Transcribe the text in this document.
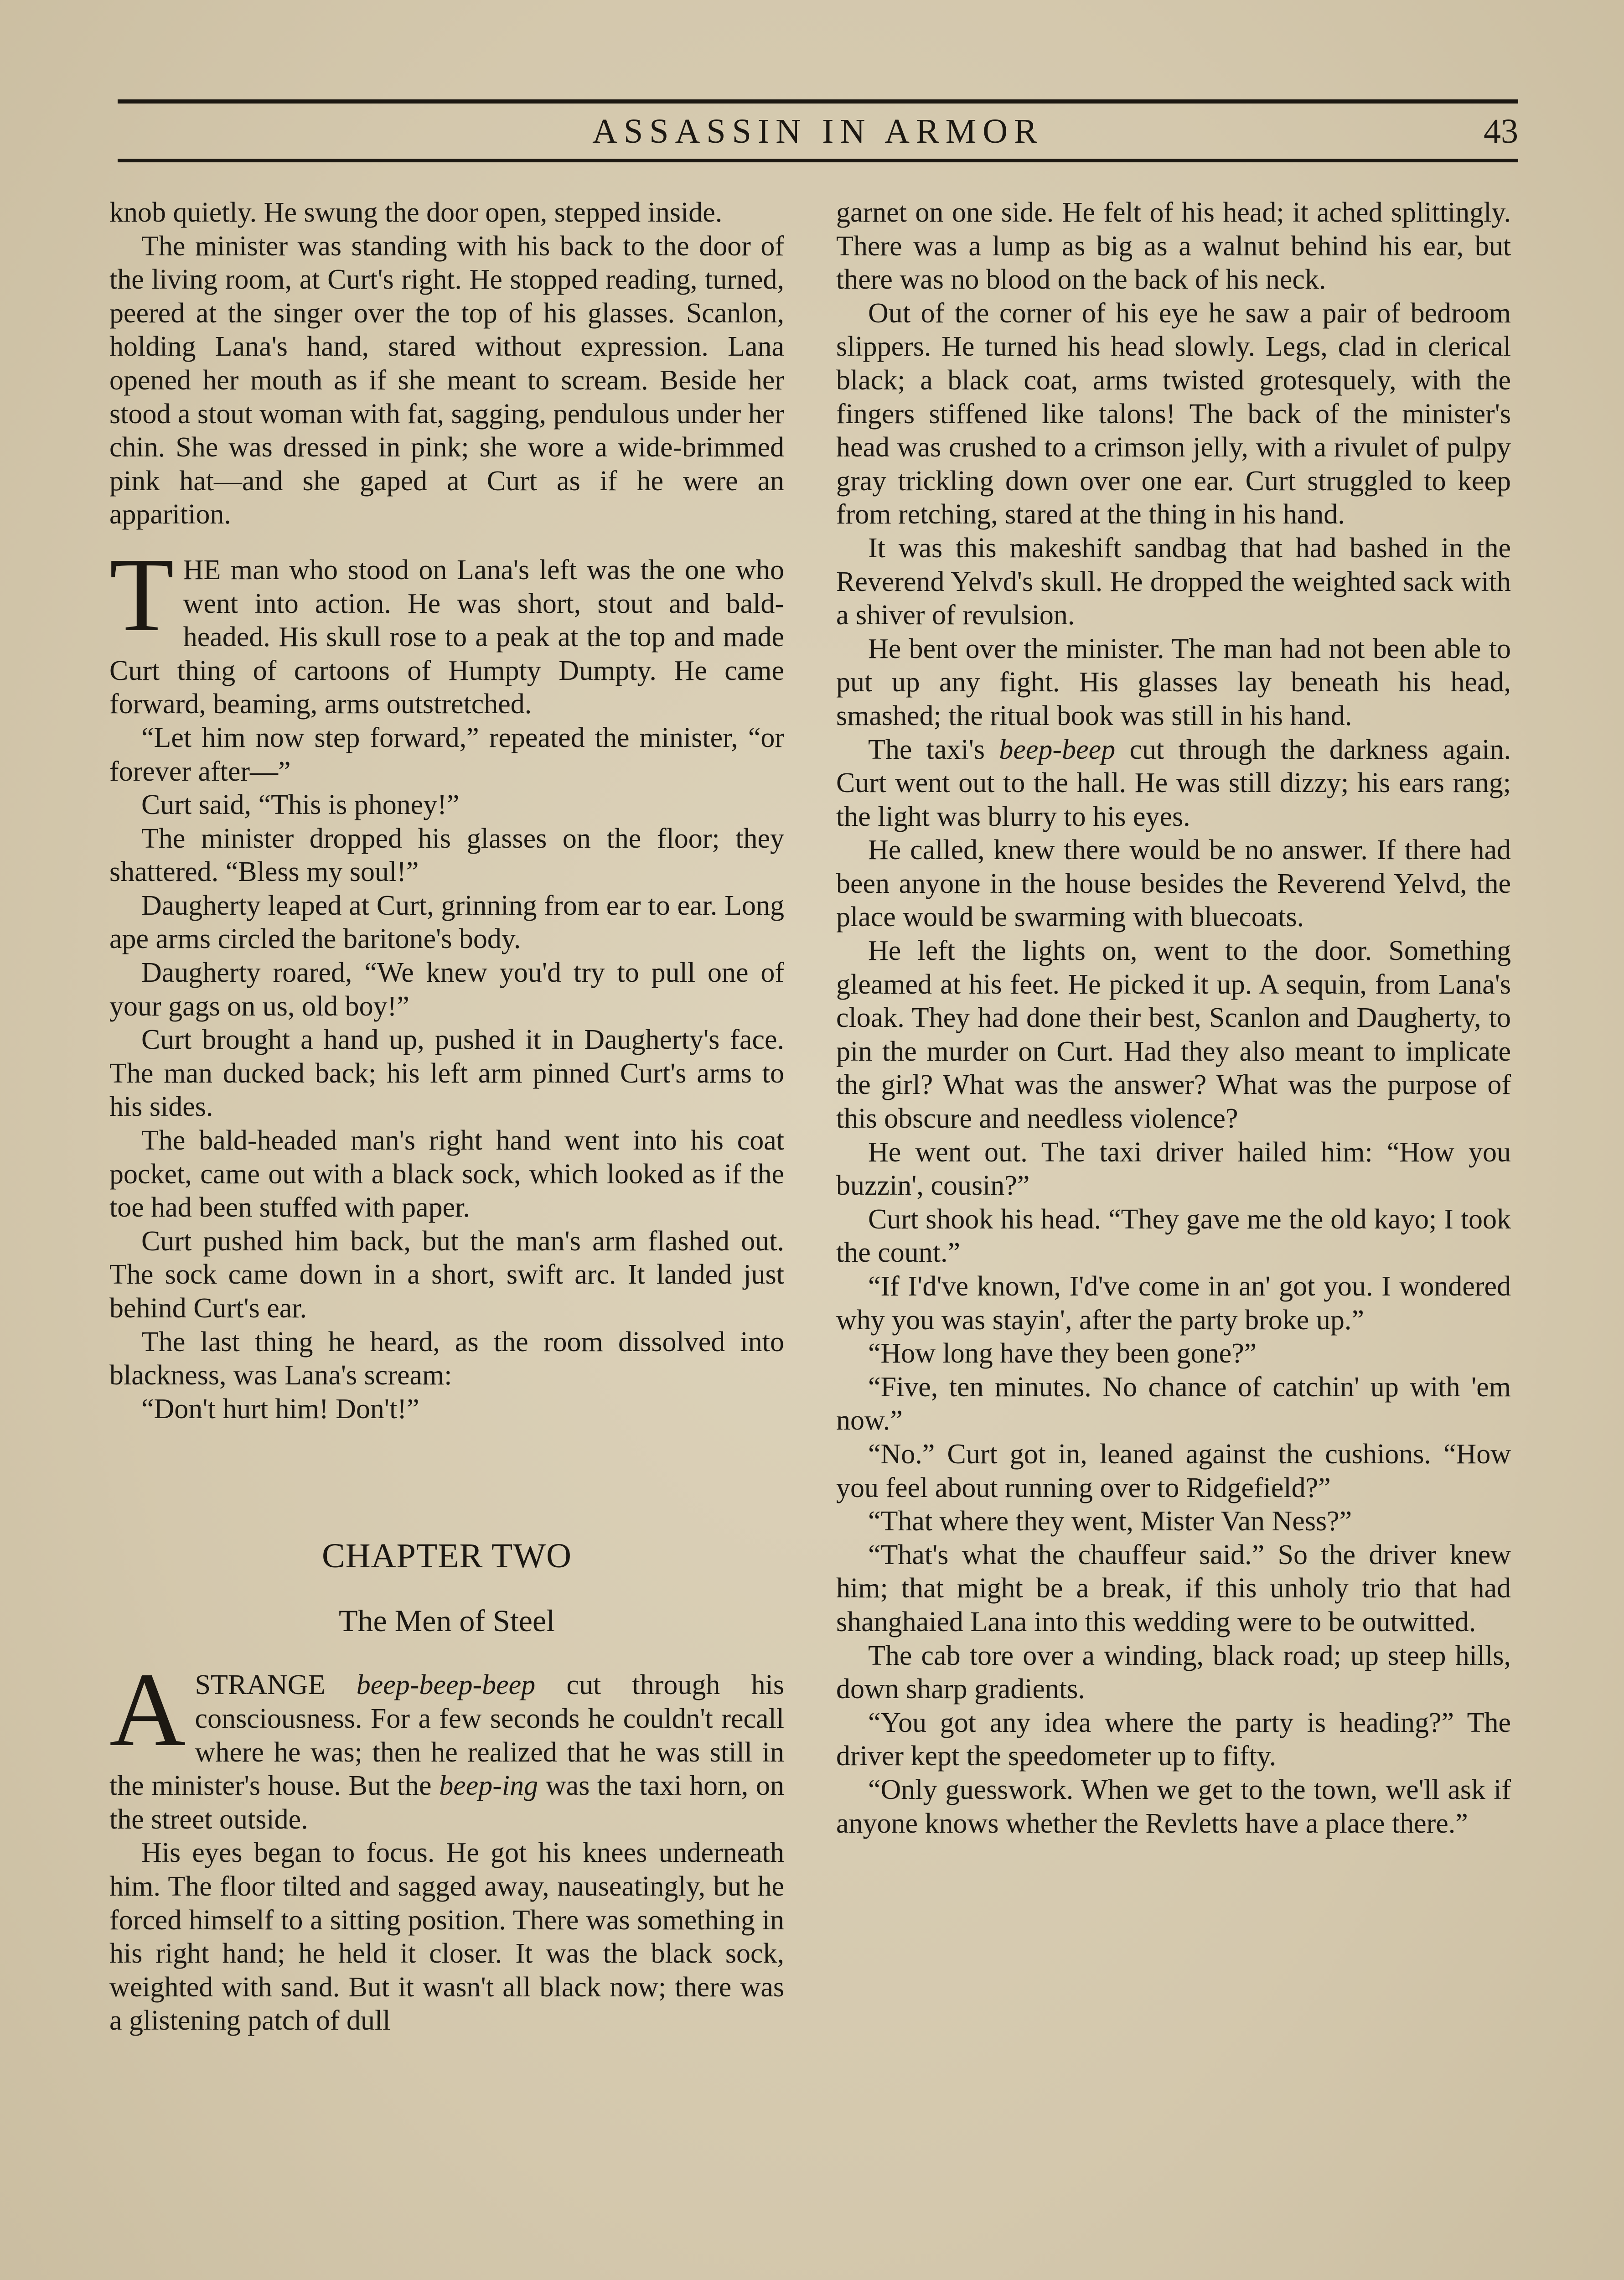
ASSASSIN IN ARMOR	43

knob quietly. He swung the door open, stepped inside.

The minister was standing with his back to the door of the living room, at Curt's right. He stopped reading, turned, peered at the singer over the top of his glasses. Scanlon, holding Lana's hand, stared without expression. Lana opened her mouth as if she meant to scream. Beside her stood a stout woman with fat, sagging, pendulous under her chin. She was dressed in pink; she wore a wide-brimmed pink hat—and she gaped at Curt as if he were an apparition.

THE man who stood on Lana's left was the one who went into action. He was short, stout and bald-headed. His skull rose to a peak at the top and made Curt thing of cartoons of Humpty Dumpty. He came forward, beaming, arms outstretched.

“Let him now step forward,” repeated the minister, “or forever after—”

Curt said, “This is phoney!”

The minister dropped his glasses on the floor; they shattered. “Bless my soul!”

Daugherty leaped at Curt, grinning from ear to ear. Long ape arms circled the baritone's body.

Daugherty roared, “We knew you'd try to pull one of your gags on us, old boy!”

Curt brought a hand up, pushed it in Daugherty's face. The man ducked back; his left arm pinned Curt's arms to his sides.

The bald-headed man's right hand went into his coat pocket, came out with a black sock, which looked as if the toe had been stuffed with paper.

Curt pushed him back, but the man's arm flashed out. The sock came down in a short, swift arc. It landed just behind Curt's ear.

The last thing he heard, as the room dissolved into blackness, was Lana's scream:

“Don't hurt him! Don't!”

CHAPTER TWO
The Men of Steel

A STRANGE beep-beep-beep cut through his consciousness. For a few seconds he couldn't recall where he was; then he realized that he was still in the minister's house. But the beep-ing was the taxi horn, on the street outside.

His eyes began to focus. He got his knees underneath him. The floor tilted and sagged away, nauseatingly, but he forced himself to a sitting position. There was something in his right hand; he held it closer. It was the black sock, weighted with sand. But it wasn't all black now; there was a glistening patch of dull

garnet on one side. He felt of his head; it ached splittingly. There was a lump as big as a walnut behind his ear, but there was no blood on the back of his neck.

Out of the corner of his eye he saw a pair of bedroom slippers. He turned his head slowly. Legs, clad in clerical black; a black coat, arms twisted grotesquely, with the fingers stiffened like talons! The back of the minister's head was crushed to a crimson jelly, with a rivulet of pulpy gray trickling down over one ear. Curt struggled to keep from retching, stared at the thing in his hand.

It was this makeshift sandbag that had bashed in the Reverend Yelvd's skull. He dropped the weighted sack with a shiver of revulsion.

He bent over the minister. The man had not been able to put up any fight. His glasses lay beneath his head, smashed; the ritual book was still in his hand.

The taxi's beep-beep cut through the darkness again. Curt went out to the hall. He was still dizzy; his ears rang; the light was blurry to his eyes.

He called, knew there would be no answer. If there had been anyone in the house besides the Reverend Yelvd, the place would be swarming with bluecoats.

He left the lights on, went to the door. Something gleamed at his feet. He picked it up. A sequin, from Lana's cloak. They had done their best, Scanlon and Daugherty, to pin the murder on Curt. Had they also meant to implicate the girl? What was the answer? What was the purpose of this obscure and needless violence?

He went out. The taxi driver hailed him: “How you buzzin', cousin?”

Curt shook his head. “They gave me the old kayo; I took the count.”

“If I'd've known, I'd've come in an' got you. I wondered why you was stayin', after the party broke up.”

“How long have they been gone?”

“Five, ten minutes. No chance of catchin' up with 'em now.”

“No.” Curt got in, leaned against the cushions. “How you feel about running over to Ridgefield?”

“That where they went, Mister Van Ness?”

“That's what the chauffeur said.” So the driver knew him; that might be a break, if this unholy trio that had shanghaied Lana into this wedding were to be outwitted.

The cab tore over a winding, black road; up steep hills, down sharp gradients.

“You got any idea where the party is heading?” The driver kept the speedometer up to fifty.

“Only guesswork. When we get to the town, we'll ask if anyone knows whether the Revletts have a place there.”
